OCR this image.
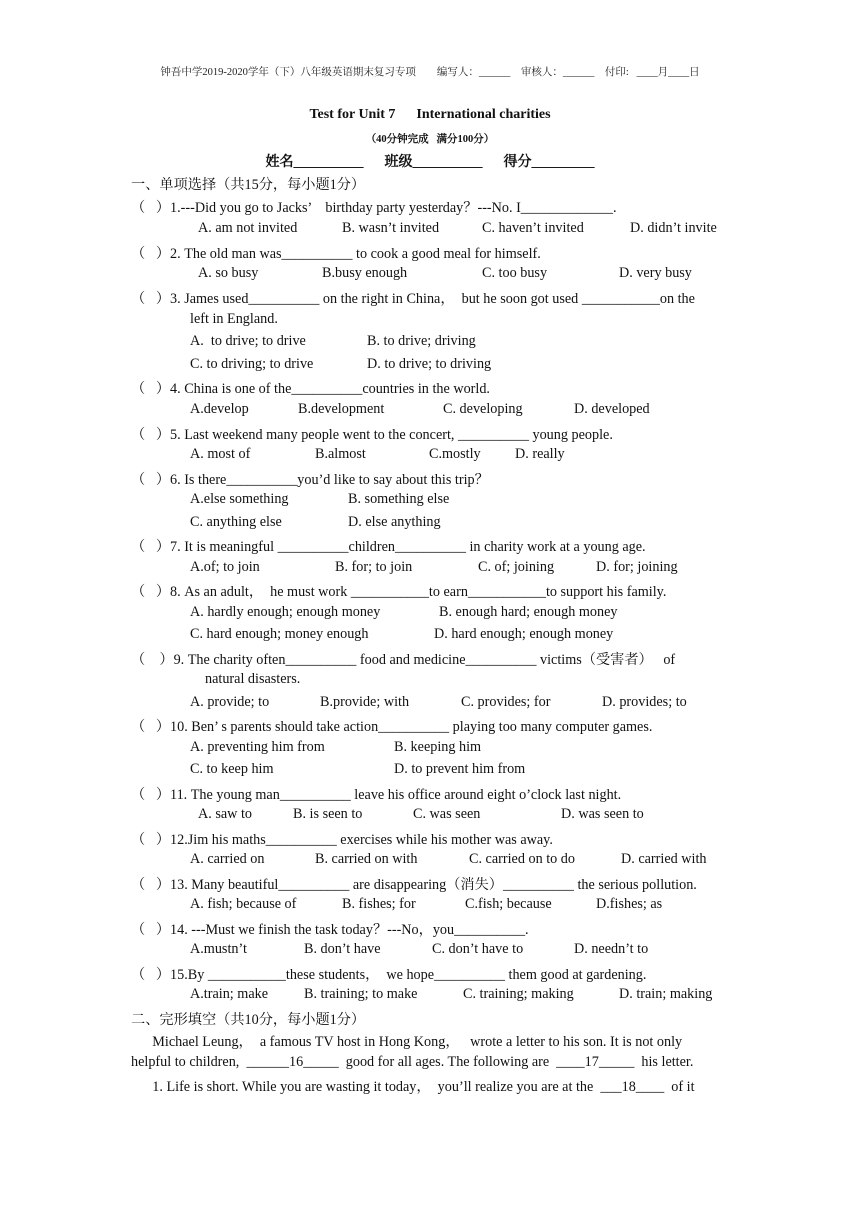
钟吾中学2019-2020学年（下）八年级英语期末复习专项        编写人：______    审核人：______    付印:   ____月____日
Test for Unit 7      International charities
（40分钟完成   满分100分）
姓名__________      班级__________      得分_________
一、单项选择（共15分，每小题1分）
（   ）1.---Did you go to Jacks’    birthday party yesterday？---No. I_____________.
A. am not invited	B. wasn’t invited	C. haven’t invited	D. didn’t invite
（   ）2. The old man was__________ to cook a good meal for himself.
A. so busy	B.busy enough	C. too busy	D. very busy
（   ）3. James used__________ on the right in China，  but he soon got used ___________on the
left in England.
A.  to drive; to drive	B. to drive; driving
C. to driving; to drive	D. to drive; to driving
（   ）4. China is one of the__________countries in the world.
A.develop	B.development	C. developing	D. developed
（   ）5. Last weekend many people went to the concert, __________ young people.
A. most of	B.almost	C.mostly D. really
（   ）6. Is there__________you’d like to say about this trip？
A.else something	B. something else
C. anything else	D. else anything
（   ）7. It is meaningful __________children__________ in charity work at a young age.
A.of; to join	B. for; to join	C. of; joining	D. for; joining
（   ）8. As an adult，  he must work ___________to earn___________to support his family.
A. hardly enough; enough money	B. enough hard; enough money
C. hard enough; money enough	D. hard enough; enough money
（    ）9. The charity often__________ food and medicine__________ victims（受害者）   of
natural disasters.
A. provide; to	B.provide; with	C. provides; for	D. provides; to
（   ）10. Ben’ s parents should take action__________ playing too many computer games.
A. preventing him from	B. keeping him
C. to keep him	D. to prevent him from
（   ）11. The young man__________ leave his office around eight o’clock last night.
A. saw to	B. is seen to	C. was seen	D. was seen to
（   ）12.Jim his maths__________ exercises while his mother was away.
A. carried on	B. carried on with	C. carried on to do	D. carried with
（   ）13. Many beautiful__________ are disappearing（消失）__________ the serious pollution.
A. fish; because of	B. fishes; for	C.fish; because	D.fishes; as
（   ）14. ---Must we finish the task today？---No，you__________.
A.mustn’t	B. don’t have	C. don’t have to	D. needn’t to
（   ）15.By ___________these students，  we hope__________ them good at gardening.
A.train; make	B. training; to make	C. training; making	D. train; making
二、完形填空（共10分，每小题1分）
Michael Leung，  a famous TV host in Hong Kong，   wrote a letter to his son. It is not only
helpful to children,  ______16_____  good for all ages. The following are  ____17_____  his letter.
1. Life is short. While you are wasting it today，  you’ll realize you are at the  ___18____  of it
